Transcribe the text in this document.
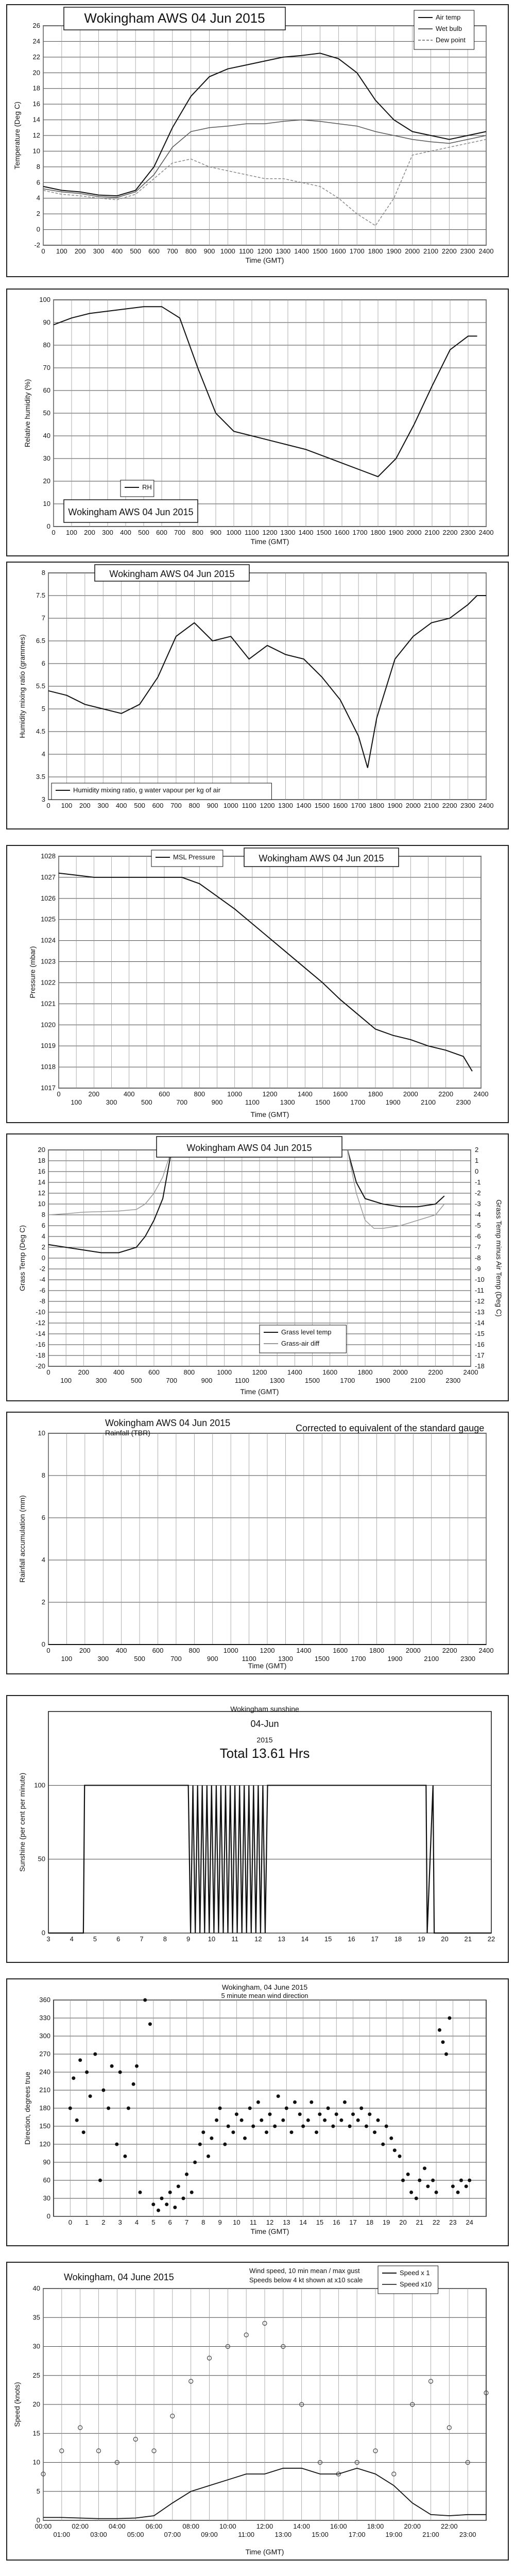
-2
0
2
4
6
8
10
12
14
16
18
20
22
24
26
0 100 200 300 400 500 600 700 800 900 1000 1100 1200 1300 1400 1500 1600 1700 1800 1900 2000 2100 2200 2300 2400
Time (GMT)
Temperature (Deg C)
Wokingham AWS 04 Jun 2015	Air temp
Wet bulb
Dew point
0
10
20
30
40
50
60
70
80
90
100
0 100 200 300 400 500 600 700 800 900 1000 1100 1200 1300 1400 1500 1600 1700 1800 1900 2000 2100 2200 2300 2400
Time (GMT)
Relative humidity (%)
RH
Wokingham AWS 04 Jun 2015
3
3.5
4
4.5
5
5.5
6
6.5
7
7.5
8
0 100 200 300 400 500 600 700 800 900 1000 1100 1200 1300 1400 1500 1600 1700 1800 1900 2000 2100 2200 2300 2400
Humidity mixing ratio (grammes)
Wokingham AWS 04 Jun 2015
Humidity mixing ratio, g water vapour per kg of air
1017
1018
1019
1020
1021
1022
1023
1024
1025
1026
1027
1028
0	200	400	600	800	1000	1200	1400	1600	1800	2000	2200	2400
100	300	500	700	900	1100	1300	1500	1700	1900	2100	2300
Time (GMT)
Pressure (mbar)
MSL Pressure	Wokingham AWS 04 Jun 2015
-20
-18
-16
-14
-12
-10
-8
-6
-4
-2
0
2
4
6
8
10
12
14
16
18
20
0	200	400	600	800	1000	1200	1400	1600	1800	2000	2200	2400
100	300	500	700	900	1100	1300	1500	1700	1900	2100	2300
Time (GMT)
Grass Temp (Deg C)
-18
-17
-16
-15
-14
-13
-12
-11
-10
-9
-8
-7
-6
-5
-4
-3
-2
-1
0
1
2
Grass Temp minus Air Temp (Deg C)
Wokingham AWS 04 Jun 2015
Grass level temp
Grass-air diff
0
2
4
6
8
10
0	200	400	600	800	1000	1200	1400	1600	1800	2000	2200	2400
100	300	500	700	900	1100	1300	1500	1700	1900	2100	2300
Time (GMT)
Rainfall accumulation (mm)
Wokingham AWS 04 Jun 2015
Rainfall (TBR)	Corrected to equivalent of the standard gauge
0
50
100
3	4	5	6	7	8	9	10 11 12 13 14 15 16 17 18 19 20 21 22
Sunshine (per cent per minute)
Wokingham sunshine
04-Jun
2015
Total 13.61 Hrs
0
30
60
90
120
150
180
210
240
270
300
330
360
0 1 2 3 4 5 6 7 8 9 10 11 12 13 14 15 16 17 18 19 20 21 22 23 24
Time (GMT)
Direction, degrees true
Wokingham, 04 June 2015
5 minute mean wind direction
0
5
10
15
20
25
30
35
40
00:00	02:00	04:00	06:00	08:00	10:00	12:00	14:00	16:00	18:00	20:00	22:00
01:00	03:00	05:00	07:00	09:00	11:00	13:00	15:00	17:00	19:00	21:00	23:00
Time (GMT)
Speed (knots)
Wokingham, 04 June 2015
Wind speed, 10 min mean / max gust
Speeds below 4 kt shown at x10 scale
Speed x 1
Speed x10
